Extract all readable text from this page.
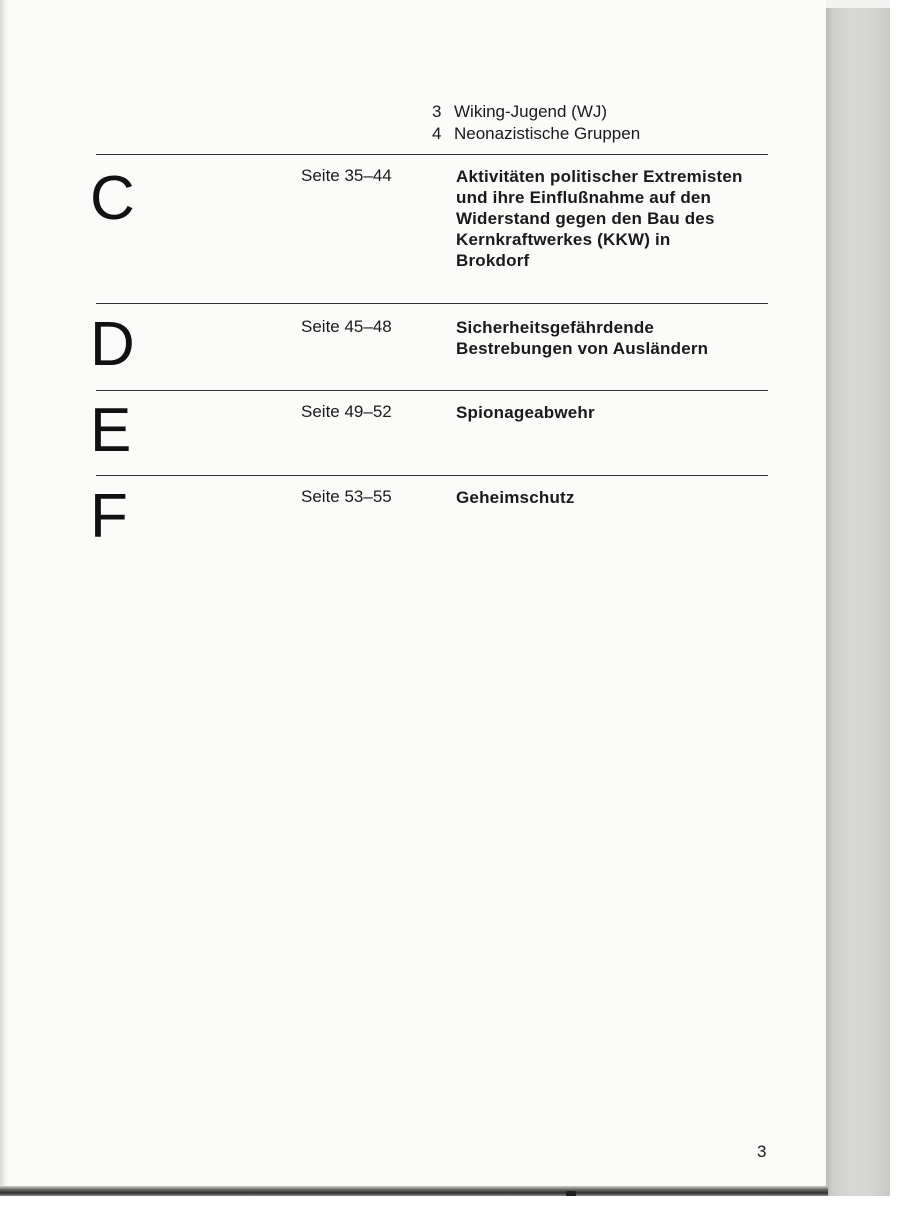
3 Wiking-Jugend (WJ)
4 Neonazistische Gruppen
C	Seite 35–44	Aktivitäten politischer Extremisten und ihre Einflußnahme auf den Widerstand gegen den Bau des Kernkraftwerkes (KKW) in Brokdorf
D	Seite 45–48	Sicherheitsgefährdende Bestrebungen von Ausländern
E	Seite 49–52	Spionageabwehr
F	Seite 53–55	Geheimschutz
3
